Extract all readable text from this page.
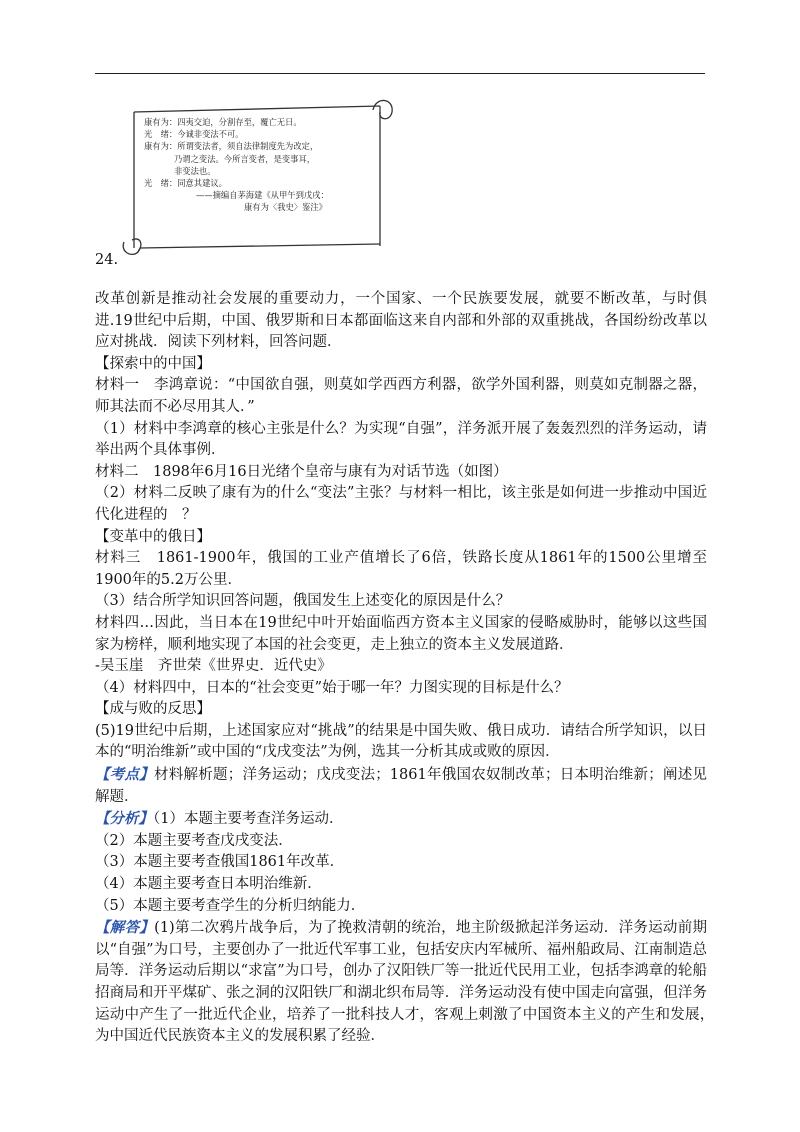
康有为：四夷交迫，分割存至，覆亡无日。
光　绪：今诚非变法不可。
康有为：所谓变法者，须自法律制度先为改定，
乃谓之变法。今所言变者，是变事耳，
非变法也。
光　绪：同意其建议。
——摘编自茅海建《从甲午到戊戌：
康有为〈我史〉鉴注》
24.

改革创新是推动社会发展的重要动力，一个国家、一个民族要发展，就要不断改革，与时俱进.19世纪中后期，中国、俄罗斯和日本都面临这来自内部和外部的双重挑战，各国纷纷改革以应对挑战．阅读下列材料，回答问题．

【探索中的中国】

材料一　李鸿章说：“中国欲自强，则莫如学西西方利器，欲学外国利器，则莫如克制器之器，师其法而不必尽用其人．”

（1）材料中李鸿章的核心主张是什么？为实现“自强”，洋务派开展了轰轰烈烈的洋务运动，请举出两个具体事例．

材料二　1898年6月16日光绪个皇帝与康有为对话节选（如图）

（2）材料二反映了康有为的什么“变法”主张？与材料一相比，该主张是如何进一步推动中国近代化进程的　？

【变革中的俄日】

材料三　1861-1900年，俄国的工业产值增长了6倍，铁路长度从1861年的1500公里增至1900年的5.2万公里．

（3）结合所学知识回答问题，俄国发生上述变化的原因是什么？

材料四…因此，当日本在19世纪中叶开始面临西方资本主义国家的侵略威胁时，能够以这些国家为榜样，顺利地实现了本国的社会变更，走上独立的资本主义发展道路．

-吴玉崖　齐世荣《世界史．近代史》

（4）材料四中，日本的“社会变更”始于哪一年？力图实现的目标是什么？

【成与败的反思】

(5)19世纪中后期，上述国家应对“挑战”的结果是中国失败、俄日成功．请结合所学知识，以日本的“明治维新”或中国的“戊戌变法”为例，选其一分析其成或败的原因．

【考点】材料解析题；洋务运动；戊戌变法；1861年俄国农奴制改革；日本明治维新；阐述见解题．

【分析】（1）本题主要考查洋务运动．

（2）本题主要考查戊戌变法．

（3）本题主要考查俄国1861年改革．

（4）本题主要考查日本明治维新．

（5）本题主要考查学生的分析归纳能力．

【解答】(1)第二次鸦片战争后，为了挽救清朝的统治，地主阶级掀起洋务运动．洋务运动前期以“自强”为口号，主要创办了一批近代军事工业，包括安庆内军械所、福州船政局、江南制造总局等．洋务运动后期以“求富”为口号，创办了汉阳铁厂等一批近代民用工业，包括李鸿章的轮船招商局和开平煤矿、张之洞的汉阳铁厂和湖北织布局等．洋务运动没有使中国走向富强，但洋务运动中产生了一批近代企业，培养了一批科技人才，客观上刺激了中国资本主义的产生和发展，　为中国近代民族资本主义的发展积累了经验．
